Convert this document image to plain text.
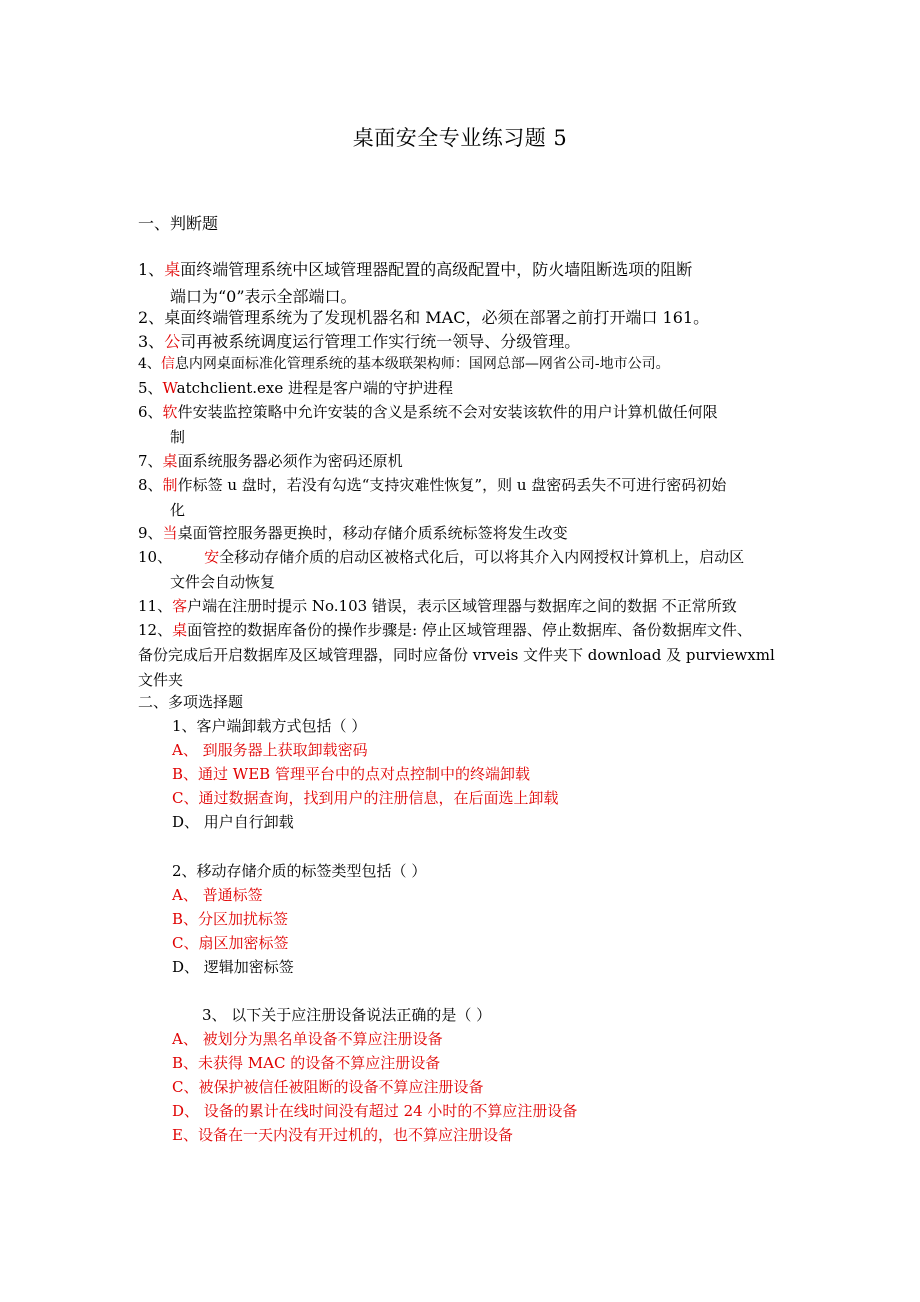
桌面安全专业练习题 5
一、判断题
1、桌面终端管理系统中区域管理器配置的高级配置中，防火墙阻断选项的阻断
端口为“0”表示全部端口。
2、桌面终端管理系统为了发现机器名和 MAC，必须在部署之前打开端口 161。
3、公司再被系统调度运行管理工作实行统一领导、分级管理。
4、信息内网桌面标准化管理系统的基本级联架构师：国网总部—网省公司-地市公司。
5、Watchclient.exe 进程是客户端的守护进程
6、软件安装监控策略中允许安装的含义是系统不会对安装该软件的用户计算机做任何限
制
7、桌面系统服务器必须作为密码还原机
8、制作标签 u 盘时，若没有勾选“支持灾难性恢复”，则 u 盘密码丢失不可进行密码初始
化
9、当桌面管控服务器更换时，移动存储介质系统标签将发生改变
10、 安全移动存储介质的启动区被格式化后，可以将其介入内网授权计算机上，启动区
文件会自动恢复
11、客户端在注册时提示 No.103 错误，表示区域管理器与数据库之间的数据 不正常所致
12、桌面管控的数据库备份的操作步骤是: 停止区域管理器、停止数据库、备份数据库文件、
备份完成后开启数据库及区域管理器，同时应备份 vrveis 文件夹下 download 及 purviewxml
文件夹
二、多项选择题
1、客户端卸载方式包括（ ）
A、 到服务器上获取卸载密码
B、通过 WEB 管理平台中的点对点控制中的终端卸载
C、通过数据查询，找到用户的注册信息，在后面选上卸载
D、 用户自行卸载
2、移动存储介质的标签类型包括（ ）
A、 普通标签
B、分区加扰标签
C、扇区加密标签
D、 逻辑加密标签
3、 以下关于应注册设备说法正确的是（ ）
A、 被划分为黑名单设备不算应注册设备
B、未获得 MAC 的设备不算应注册设备
C、被保护被信任被阻断的设备不算应注册设备
D、 设备的累计在线时间没有超过 24 小时的不算应注册设备
E、设备在一天内没有开过机的，也不算应注册设备
